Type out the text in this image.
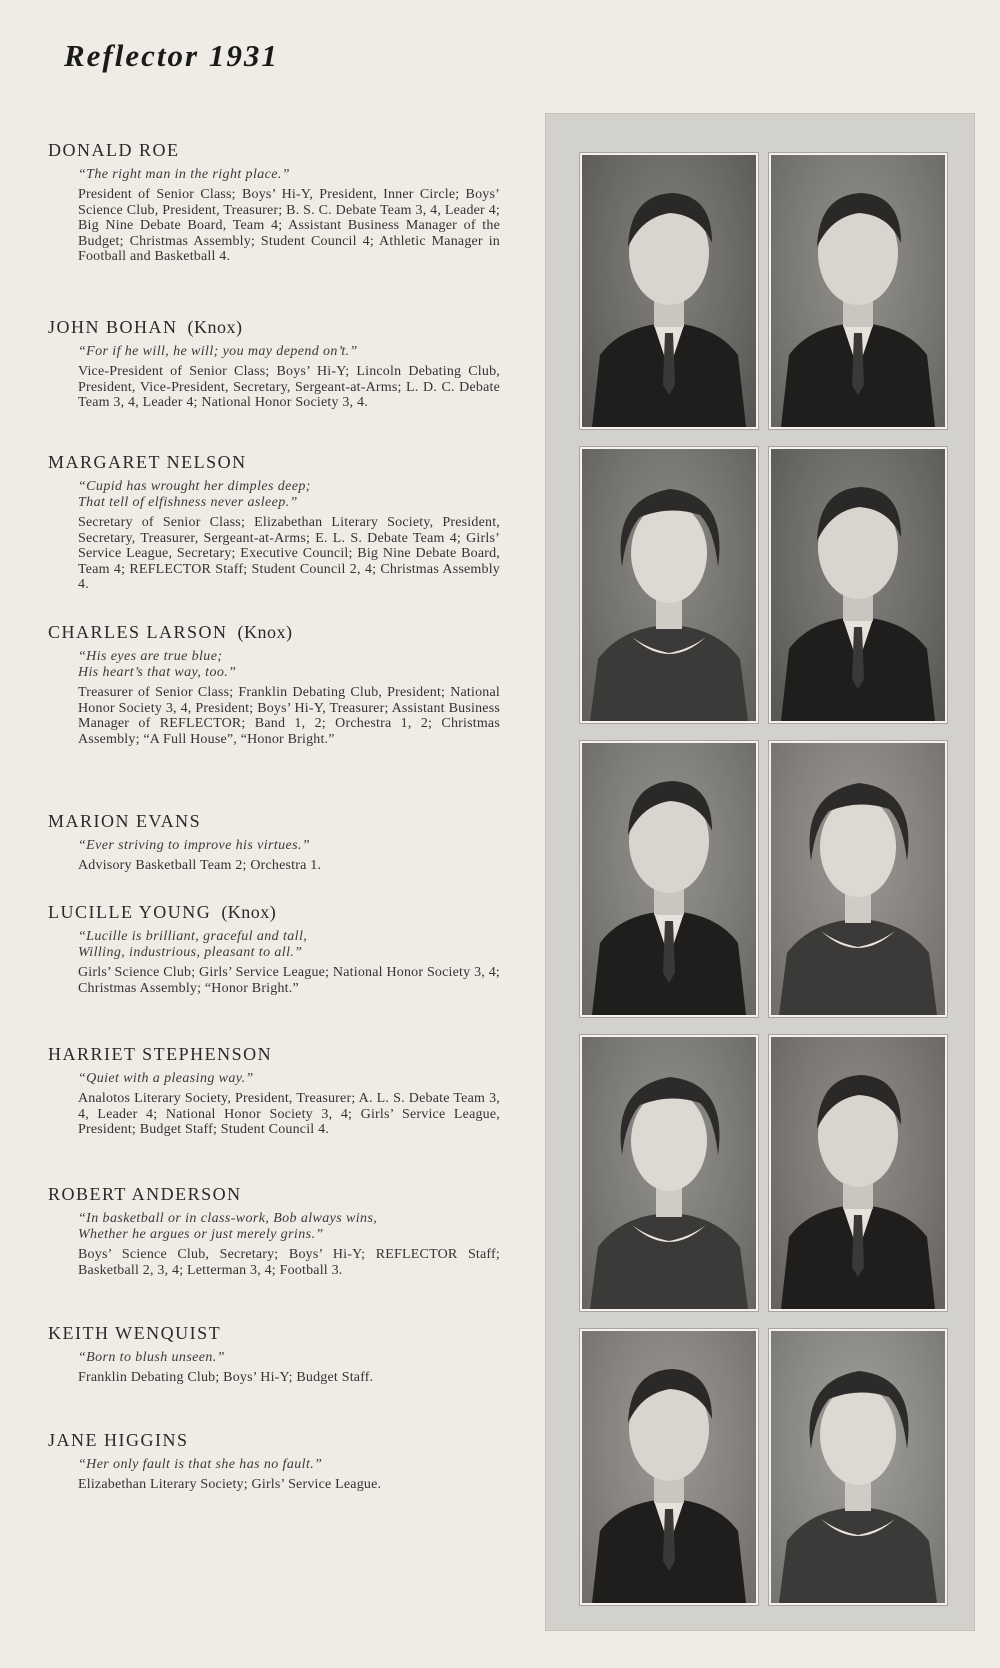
Reflector 1931
DONALD ROE
“The right man in the right place.”
President of Senior Class; Boys’ Hi-Y, President, Inner Circle; Boys’ Science Club, President, Treasurer; B. S. C. Debate Team 3, 4, Leader 4; Big Nine Debate Board, Team 4; Assistant Business Manager of the Budget; Christmas Assembly; Student Council 4; Athletic Manager in Football and Basketball 4.
JOHN BOHAN (Knox)
“For if he will, he will; you may depend on’t.”
Vice-President of Senior Class; Boys’ Hi-Y; Lincoln Debating Club, President, Vice-President, Secretary, Sergeant-at-Arms; L. D. C. Debate Team 3, 4, Leader 4; National Honor Society 3, 4.
MARGARET NELSON
“Cupid has wrought her dimples deep;
That tell of elfishness never asleep.”
Secretary of Senior Class; Elizabethan Literary Society, President, Secretary, Treasurer, Sergeant-at-Arms; E. L. S. Debate Team 4; Girls’ Service League, Secretary; Executive Council; Big Nine Debate Board, Team 4; REFLECTOR Staff; Student Council 2, 4; Christmas Assembly 4.
CHARLES LARSON (Knox)
“His eyes are true blue;
His heart’s that way, too.”
Treasurer of Senior Class; Franklin Debating Club, President; National Honor Society 3, 4, President; Boys’ Hi-Y, Treasurer; Assistant Business Manager of REFLECTOR; Band 1, 2; Orchestra 1, 2; Christmas Assembly; “A Full House”, “Honor Bright.”
MARION EVANS
“Ever striving to improve his virtues.”
Advisory Basketball Team 2; Orchestra 1.
LUCILLE YOUNG (Knox)
“Lucille is brilliant, graceful and tall,
Willing, industrious, pleasant to all.”
Girls’ Science Club; Girls’ Service League; National Honor Society 3, 4; Christmas Assembly; “Honor Bright.”
HARRIET STEPHENSON
“Quiet with a pleasing way.”
Analotos Literary Society, President, Treasurer; A. L. S. Debate Team 3, 4, Leader 4; National Honor Society 3, 4; Girls’ Service League, President; Budget Staff; Student Council 4.
ROBERT ANDERSON
“In basketball or in class-work, Bob always wins,
Whether he argues or just merely grins.”
Boys’ Science Club, Secretary; Boys’ Hi-Y; REFLECTOR Staff; Basketball 2, 3, 4; Letterman 3, 4; Football 3.
KEITH WENQUIST
“Born to blush unseen.”
Franklin Debating Club; Boys’ Hi-Y; Budget Staff.
JANE HIGGINS
“Her only fault is that she has no fault.”
Elizabethan Literary Society; Girls’ Service League.
